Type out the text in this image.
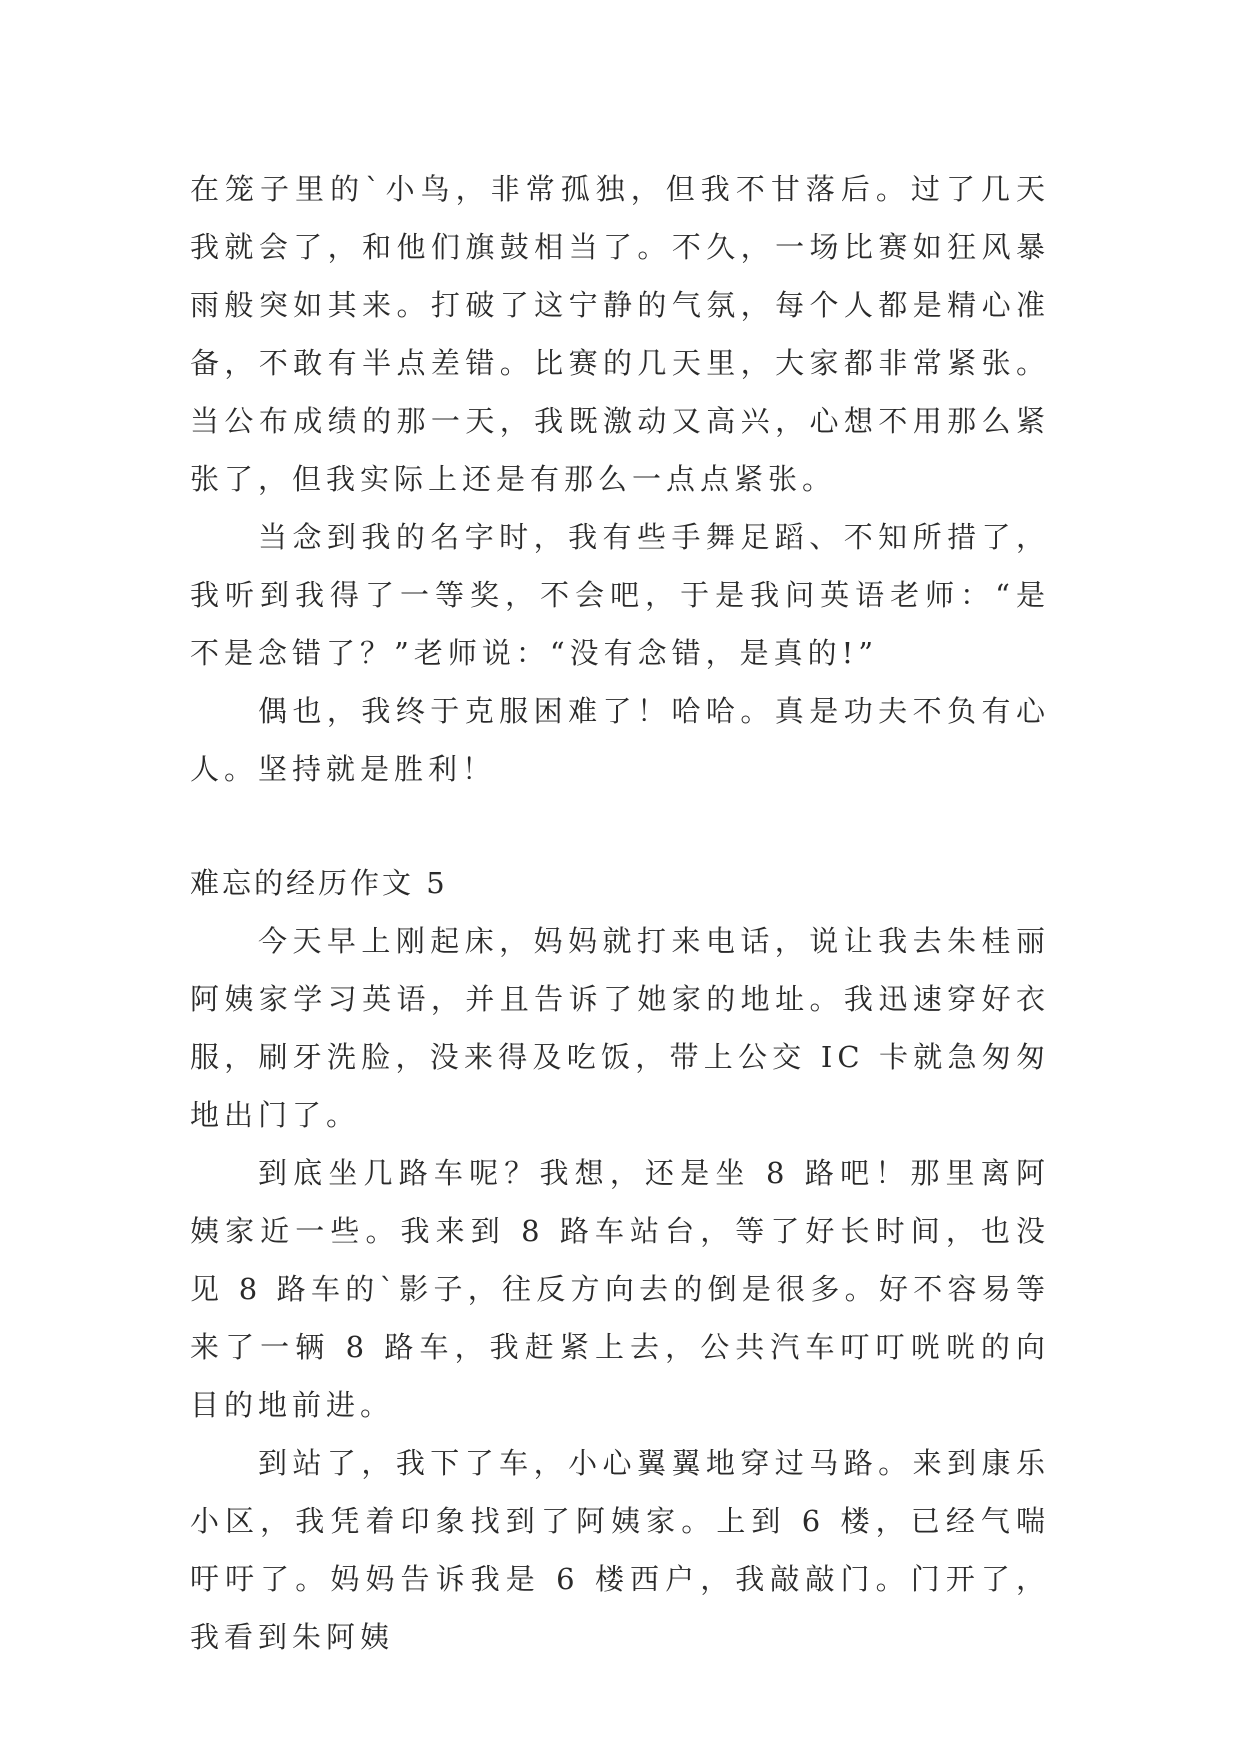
在笼子里的`小鸟，非常孤独，但我不甘落后。过了几天我就会了，和他们旗鼓相当了。不久，一场比赛如狂风暴雨般突如其来。打破了这宁静的气氛，每个人都是精心准备，不敢有半点差错。比赛的几天里，大家都非常紧张。当公布成绩的那一天，我既激动又高兴，心想不用那么紧张了，但我实际上还是有那么一点点紧张。

当念到我的名字时，我有些手舞足蹈、不知所措了，我听到我得了一等奖，不会吧，于是我问英语老师：“是不是念错了？”老师说：“没有念错，是真的!”

偶也，我终于克服困难了！哈哈。真是功夫不负有心人。坚持就是胜利！

难忘的经历作文 5

今天早上刚起床，妈妈就打来电话，说让我去朱桂丽阿姨家学习英语，并且告诉了她家的地址。我迅速穿好衣服，刷牙洗脸，没来得及吃饭，带上公交 IC 卡就急匆匆地出门了。

到底坐几路车呢？我想，还是坐 8 路吧！那里离阿姨家近一些。我来到 8 路车站台，等了好长时间，也没见 8 路车的`影子，往反方向去的倒是很多。好不容易等来了一辆 8 路车，我赶紧上去，公共汽车叮叮咣咣的向目的地前进。

到站了，我下了车，小心翼翼地穿过马路。来到康乐小区，我凭着印象找到了阿姨家。上到 6 楼，已经气喘吁吁了。妈妈告诉我是 6 楼西户，我敲敲门。门开了，我看到朱阿姨
